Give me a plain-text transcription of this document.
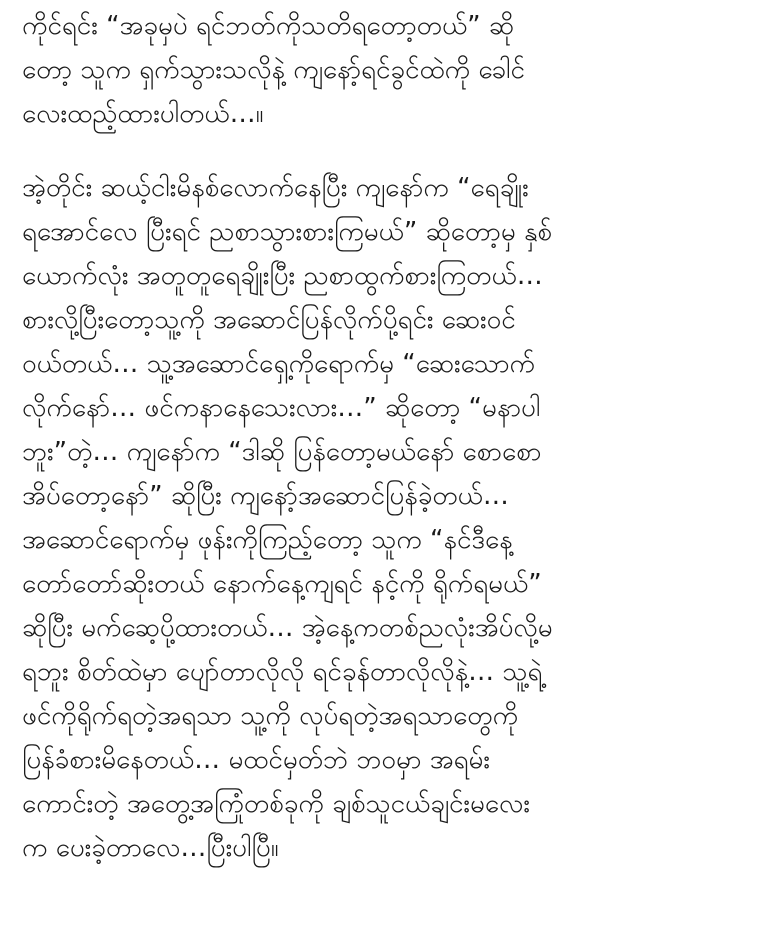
ကိုင်ရင်း “အခုမှပဲ ရင်ဘတ်ကိုသတိရတော့တယ်” ဆို
တော့ သူက ရှက်သွားသလိုနဲ့ ကျနော့်ရင်ခွင်ထဲကို ခေါင်
လေးထည့်ထားပါတယ်…။

အဲ့တိုင်း ဆယ့်ငါးမိနစ်လောက်နေပြီး ကျနော်က “ရေချိုး
ရအောင်လေ ပြီးရင် ညစာသွားစားကြမယ်” ဆိုတော့မှ နှစ်
ယောက်လုံး အတူတူရေချိုးပြီး ညစာထွက်စားကြတယ်…
စားလို့ပြီးတော့သူ့ကို အဆောင်ပြန်လိုက်ပို့ရင်း ဆေးဝင်
ဝယ်တယ်… သူ့အဆောင်ရှေ့ကိုရောက်မှ “ဆေးသောက်
လိုက်နော်… ဖင်ကနာနေသေးလား…” ဆိုတော့ “မနာပါ
ဘူး”တဲ့… ကျနော်က “ဒါဆို ပြန်တော့မယ်နော် စောစော
အိပ်တော့နော်” ဆိုပြီး ကျနော့်အဆောင်ပြန်ခဲ့တယ်…
အဆောင်ရောက်မှ ဖုန်းကိုကြည့်တော့ သူက “နင်ဒီနေ့
တော်တော်ဆိုးတယ် နောက်နေ့ကျရင် နင့်ကို ရိုက်ရမယ်”
ဆိုပြီး မက်ဆေ့ပို့ထားတယ်… အဲ့နေ့ကတစ်ညလုံးအိပ်လို့မ
ရဘူး စိတ်ထဲမှာ ပျော်တာလိုလို ရင်ခုန်တာလိုလိုနဲ့… သူ့ရဲ့
ဖင်ကိုရိုက်ရတဲ့အရသာ သူ့ကို လုပ်ရတဲ့အရသာတွေကို
ပြန်ခံစားမိနေတယ်… မထင်မှတ်ဘဲ ဘဝမှာ အရမ်း
ကောင်းတဲ့ အတွေ့အကြုံတစ်ခုကို ချစ်သူငယ်ချင်းမလေး
က ပေးခဲ့တာလေ…ပြီးပါပြီ။
